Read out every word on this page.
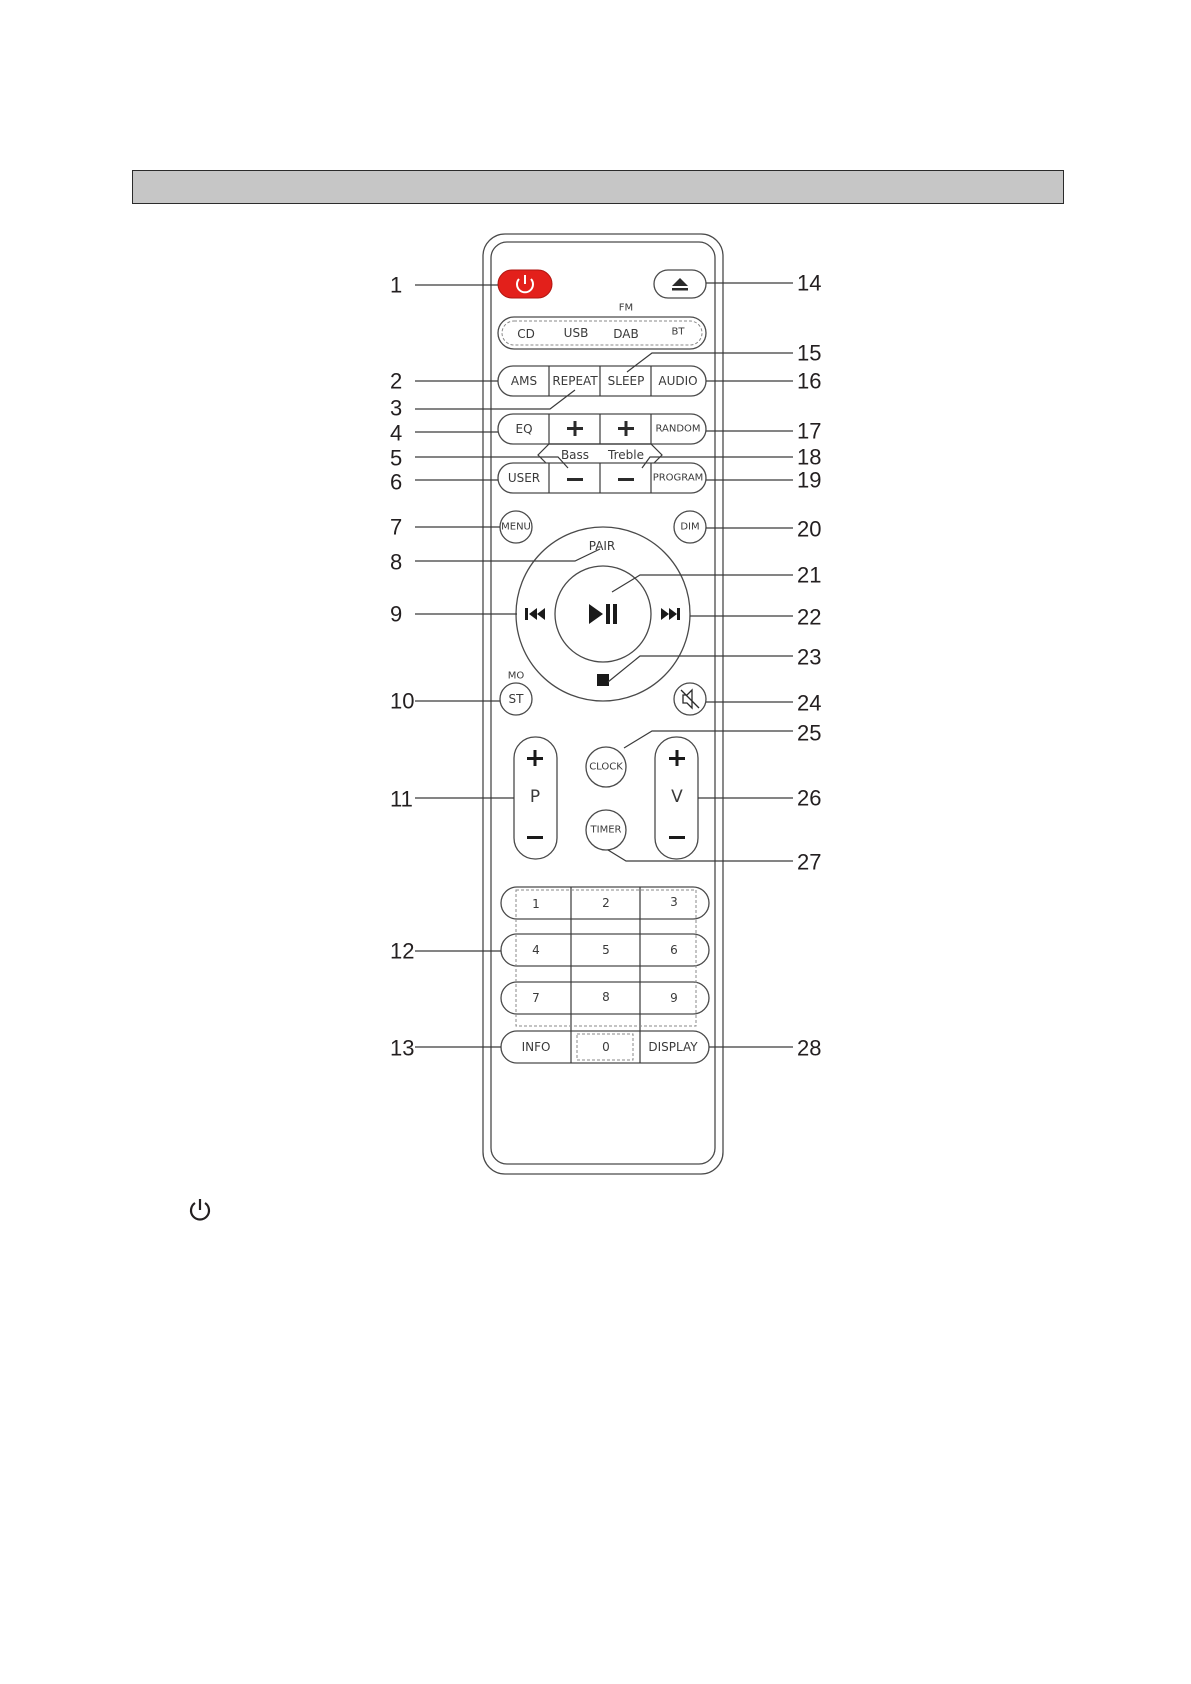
FM
CD USB DAB	BT
AMS REPEAT SLEEP AUDIO
EQ	RANDOM
Bass Treble
USER	PROGRAM
MENU	DIM
PAIR
MO
ST
P	V
CLOCK
TIMER
1	2	3
4	5	6
7	8	9
INFO	0	DISPLAY
1
2
3
4
5
6
7
8
9
10
11
12
13
14
15
16
17
18
19
20
21
22
23
24
25
26
27
28
